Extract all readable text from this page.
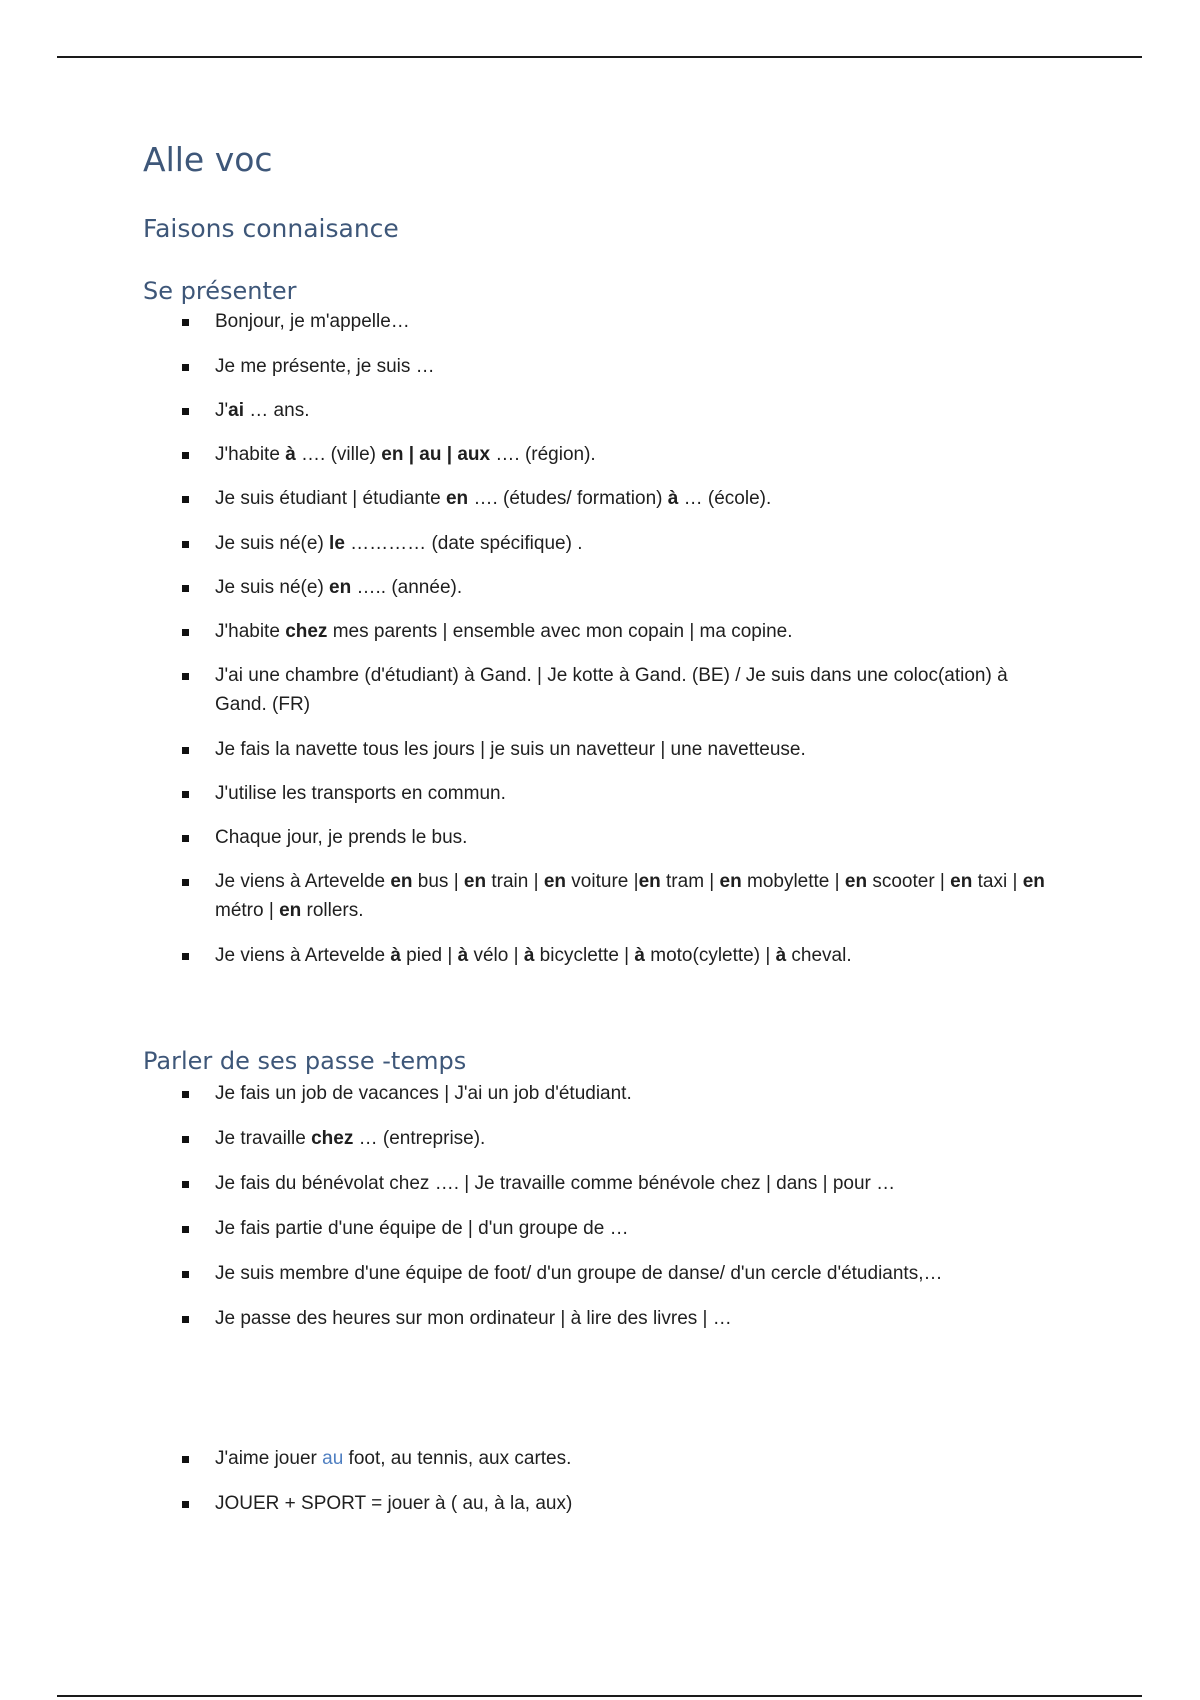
Alle voc
Faisons connaisance
Se présenter
Bonjour, je m'appelle…
Je me présente, je suis …
J'ai … ans.
J'habite à …. (ville) en | au | aux …. (région).
Je suis étudiant | étudiante en …. (études/ formation) à … (école).
Je suis né(e) le ………… (date spécifique) .
Je suis né(e) en ….. (année).
J'habite chez mes parents | ensemble avec mon copain | ma copine.
J'ai une chambre (d'étudiant) à Gand. | Je kotte à Gand. (BE) / Je suis dans une coloc(ation) à Gand. (FR)
Je fais la navette tous les jours | je suis un navetteur | une navetteuse.
J'utilise les transports en commun.
Chaque jour, je prends le bus.
Je viens à Artevelde en bus | en train | en voiture |en tram | en mobylette | en scooter | en taxi | en métro | en rollers.
Je viens à Artevelde à pied | à vélo | à bicyclette | à moto(cylette) | à cheval.
Parler de ses passe -temps
Je fais un job de vacances | J'ai un job d'étudiant.
Je travaille chez … (entreprise).
Je fais du bénévolat chez …. | Je travaille comme bénévole chez | dans | pour …
Je fais partie d'une équipe de | d'un groupe de …
Je suis membre d'une équipe de foot/ d'un groupe de danse/ d'un cercle d'étudiants,…
Je passe des heures sur mon ordinateur | à lire des livres | …
J'aime jouer au foot, au tennis, aux cartes.
JOUER + SPORT = jouer à ( au, à la, aux)
